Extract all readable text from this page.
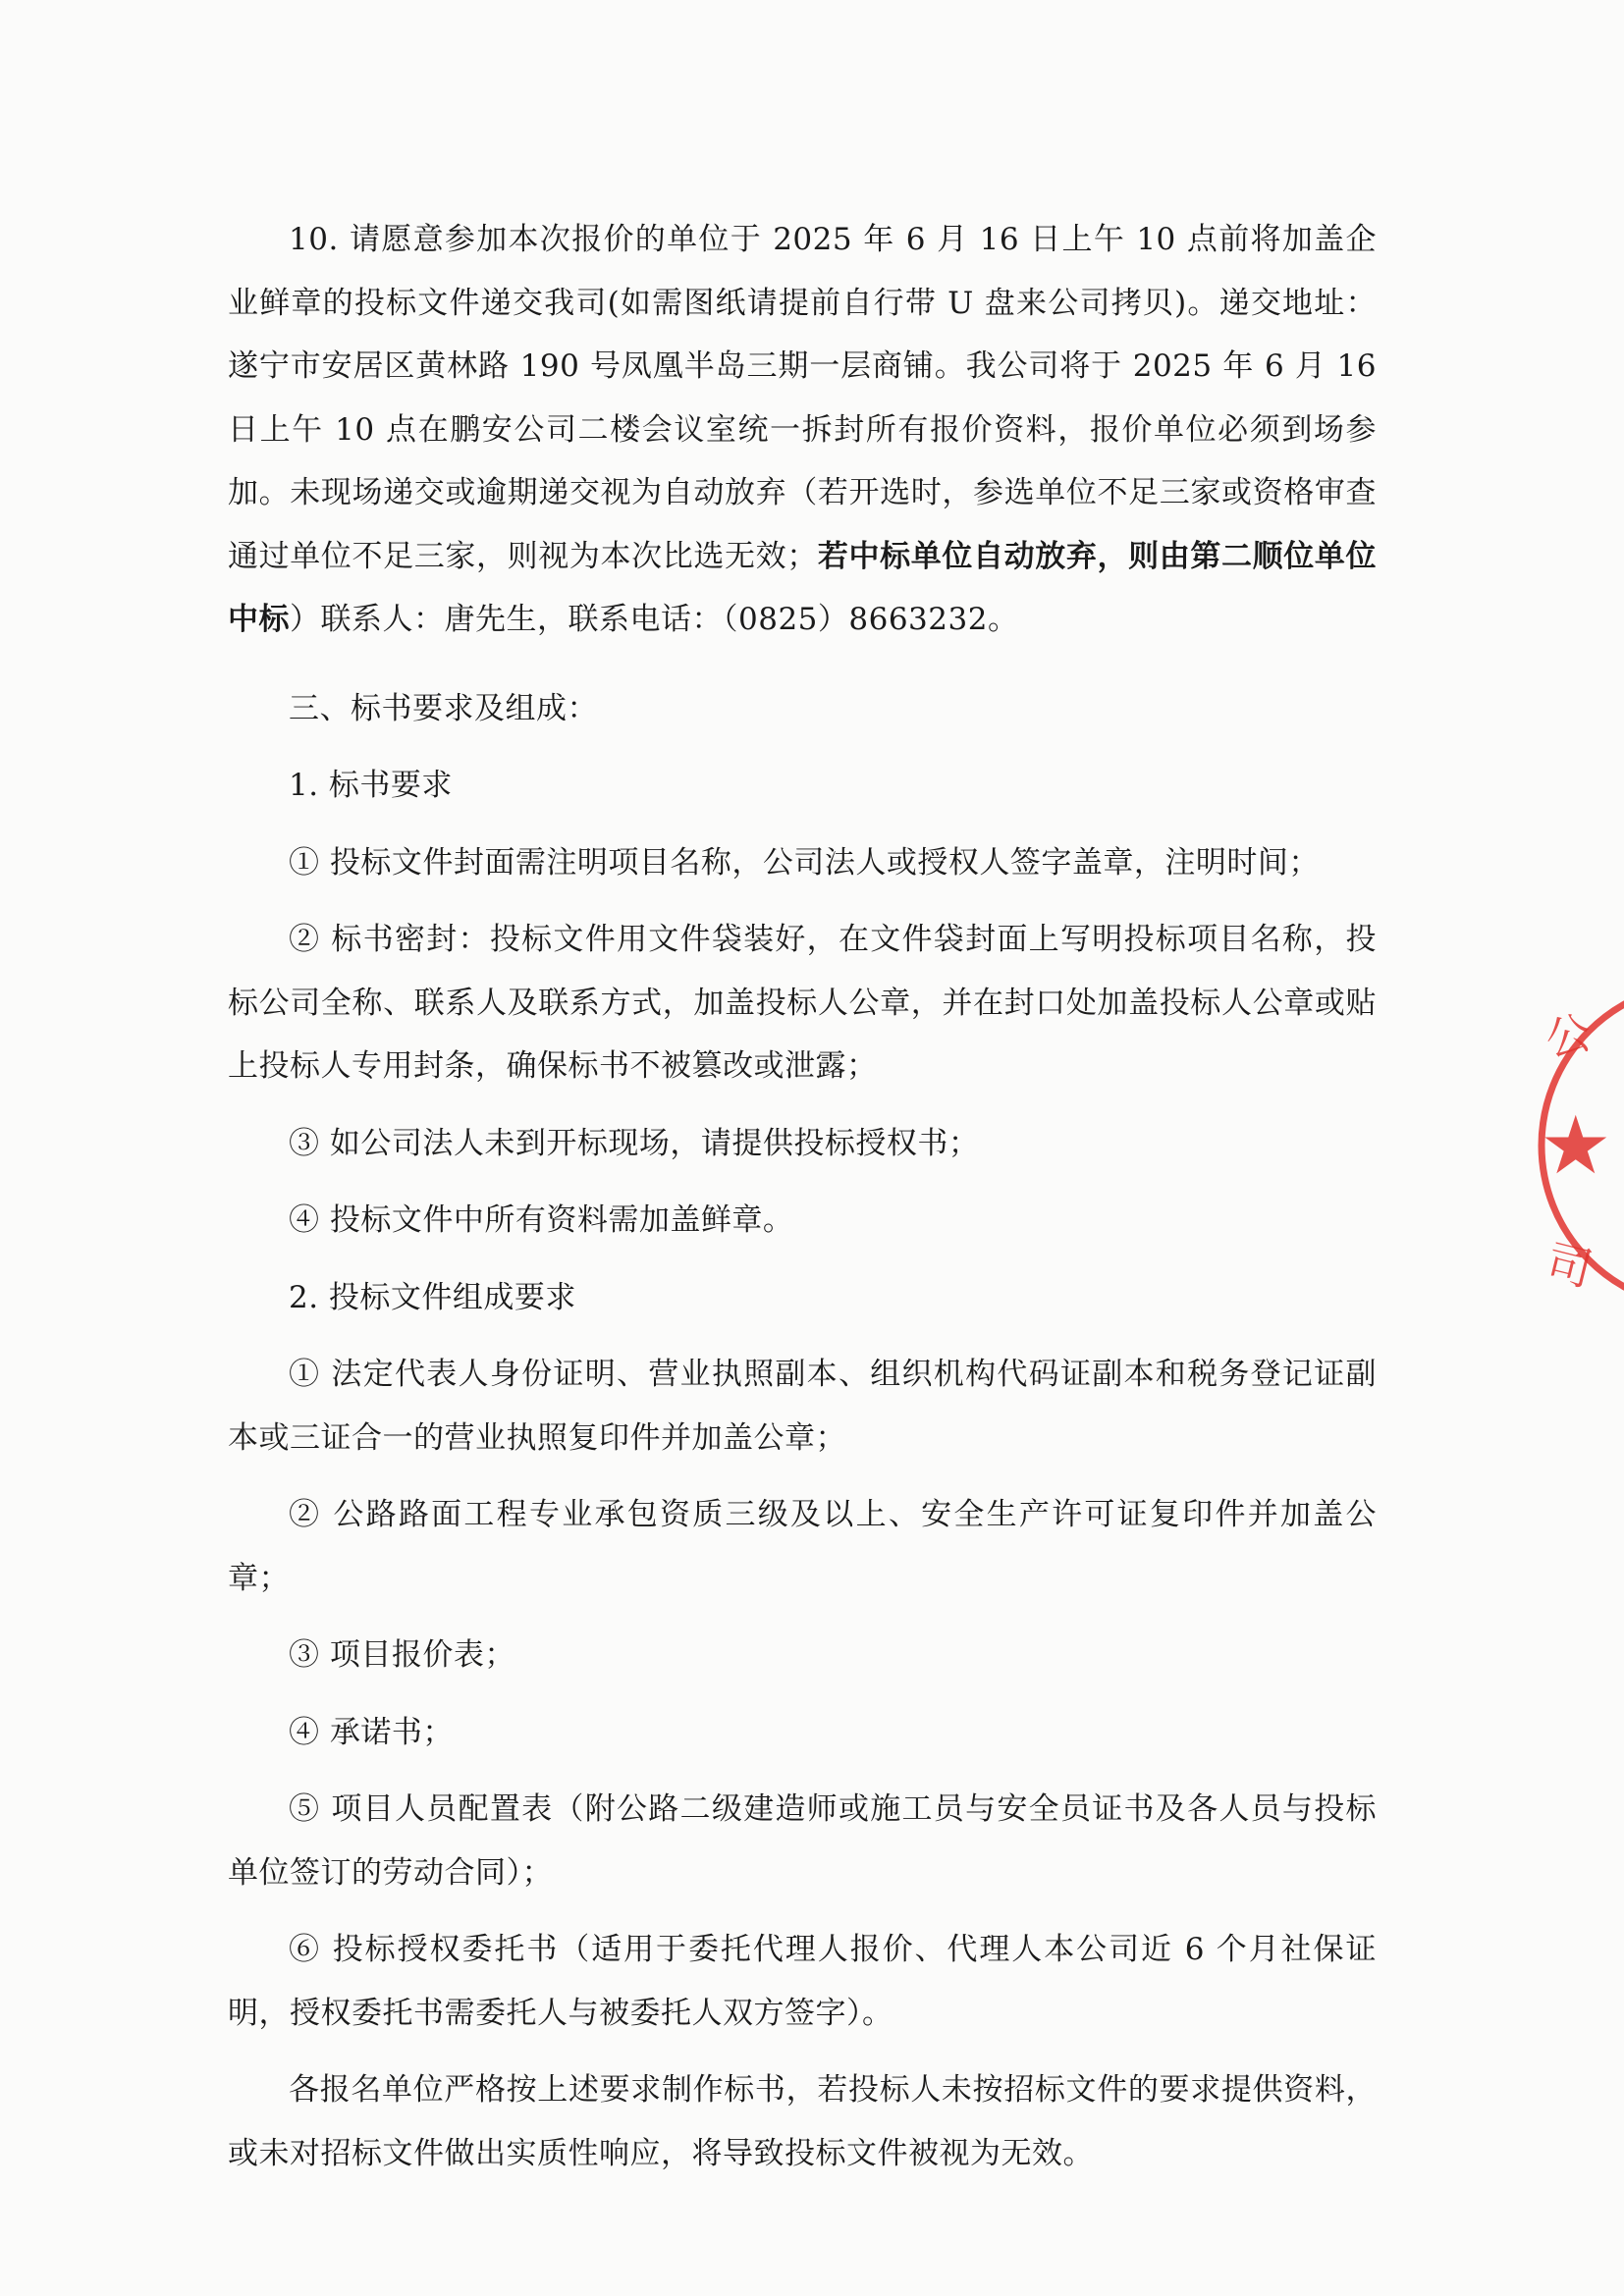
10. 请愿意参加本次报价的单位于 2025 年 6 月 16 日上午 10 点前将加盖企业鲜章的投标文件递交我司(如需图纸请提前自行带 U 盘来公司拷贝)。递交地址：遂宁市安居区黄林路 190 号凤凰半岛三期一层商铺。我公司将于 2025 年 6 月 16 日上午 10 点在鹏安公司二楼会议室统一拆封所有报价资料，报价单位必须到场参加。未现场递交或逾期递交视为自动放弃（若开选时，参选单位不足三家或资格审查通过单位不足三家，则视为本次比选无效；若中标单位自动放弃，则由第二顺位单位中标）联系人：唐先生，联系电话：（0825）8663232。

三、标书要求及组成：

1. 标书要求

① 投标文件封面需注明项目名称，公司法人或授权人签字盖章，注明时间；

② 标书密封：投标文件用文件袋装好，在文件袋封面上写明投标项目名称，投标公司全称、联系人及联系方式，加盖投标人公章，并在封口处加盖投标人公章或贴上投标人专用封条，确保标书不被篡改或泄露；

③ 如公司法人未到开标现场，请提供投标授权书；

④ 投标文件中所有资料需加盖鲜章。

2. 投标文件组成要求

① 法定代表人身份证明、营业执照副本、组织机构代码证副本和税务登记证副本或三证合一的营业执照复印件并加盖公章；

② 公路路面工程专业承包资质三级及以上、安全生产许可证复印件并加盖公章；

③ 项目报价表；

④ 承诺书；

⑤ 项目人员配置表（附公路二级建造师或施工员与安全员证书及各人员与投标单位签订的劳动合同）；

⑥ 投标授权委托书（适用于委托代理人报价、代理人本公司近 6 个月社保证明，授权委托书需委托人与被委托人双方签字）。

各报名单位严格按上述要求制作标书，若投标人未按招标文件的要求提供资料，或未对招标文件做出实质性响应，将导致投标文件被视为无效。

公
★
司
